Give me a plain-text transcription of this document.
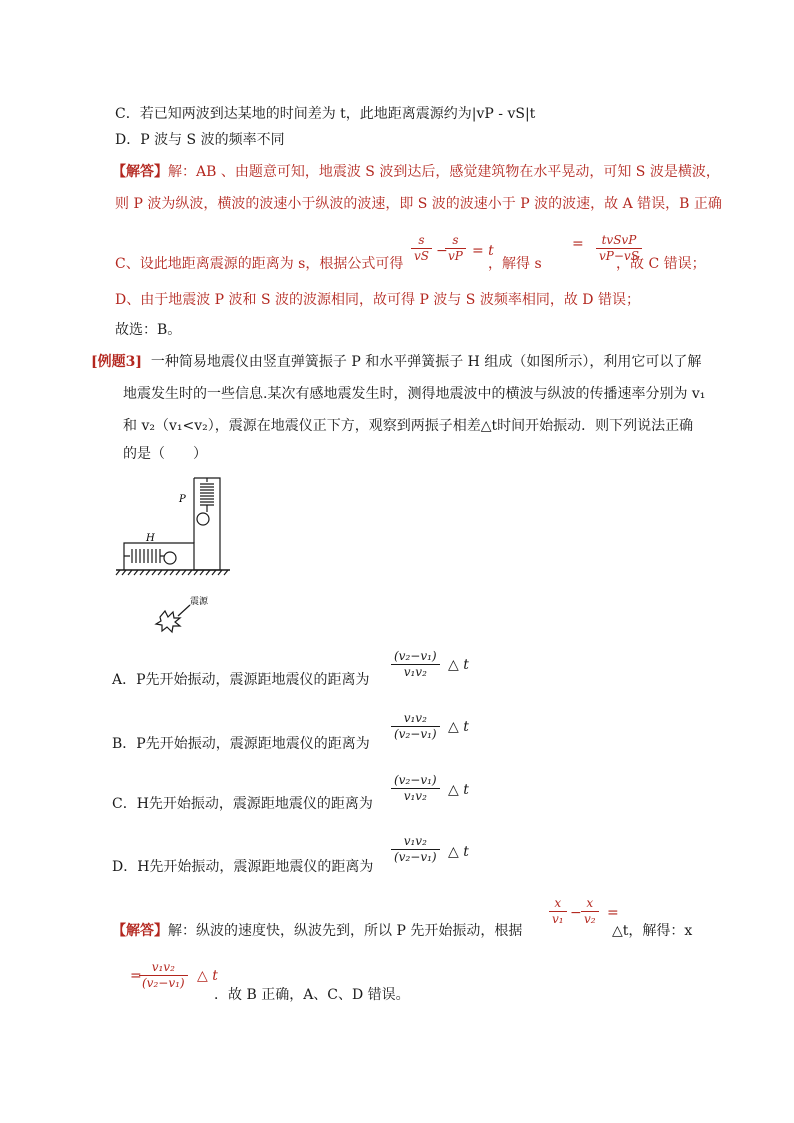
C．若已知两波到达某地的时间差为 t，此地距离震源约为|vP - vS|t
D．P 波与 S 波的频率不同
【解答】解：AB 、由题意可知，地震波 S 波到达后，感觉建筑物在水平晃动，可知 S 波是横波，
则 P 波为纵波，横波的波速小于纵波的波速，即 S 波的波速小于 P 波的波速，故 A 错误，B 正确
C、设此地距离震源的距离为 s，根据公式可得
s
vS −
s
vP = t
，解得 s
= tvSvP
vP−vS
，故 C 错误；
D、由于地震波 P 波和 S 波的波源相同，故可得 P 波与 S 波频率相同，故 D 错误；
故选：B。
[例题3] 一种简易地震仪由竖直弹簧振子 P 和水平弹簧振子 H 组成（如图所示），利用它可以了解
地震发生时的一些信息.某次有感地震发生时，测得地震波中的横波与纵波的传播速率分别为 v₁
和 v₂（v₁<v₂），震源在地震仪正下方，观察到两振子相差△t时间开始振动．则下列说法正确
的是（　　）
P
H
震源
A．P先开始振动，震源距地震仪的距离为
(v₂−v₁)
v₁v₂ △ t
B．P先开始振动，震源距地震仪的距离为
v₁v₂
(v₂−v₁) △ t
C．H先开始振动，震源距地震仪的距离为
(v₂−v₁)
v₁v₂ △ t
D．H先开始振动，震源距地震仪的距离为
v₁v₂
(v₂−v₁) △ t
【解答】解：纵波的速度快，纵波先到，所以 P 先开始振动，根据
x
v₁ −
x
v₂ =
△t，解得：x
=
v₁v₂
(v₂−v₁) △ t
．故 B 正确，A、C、D 错误。
